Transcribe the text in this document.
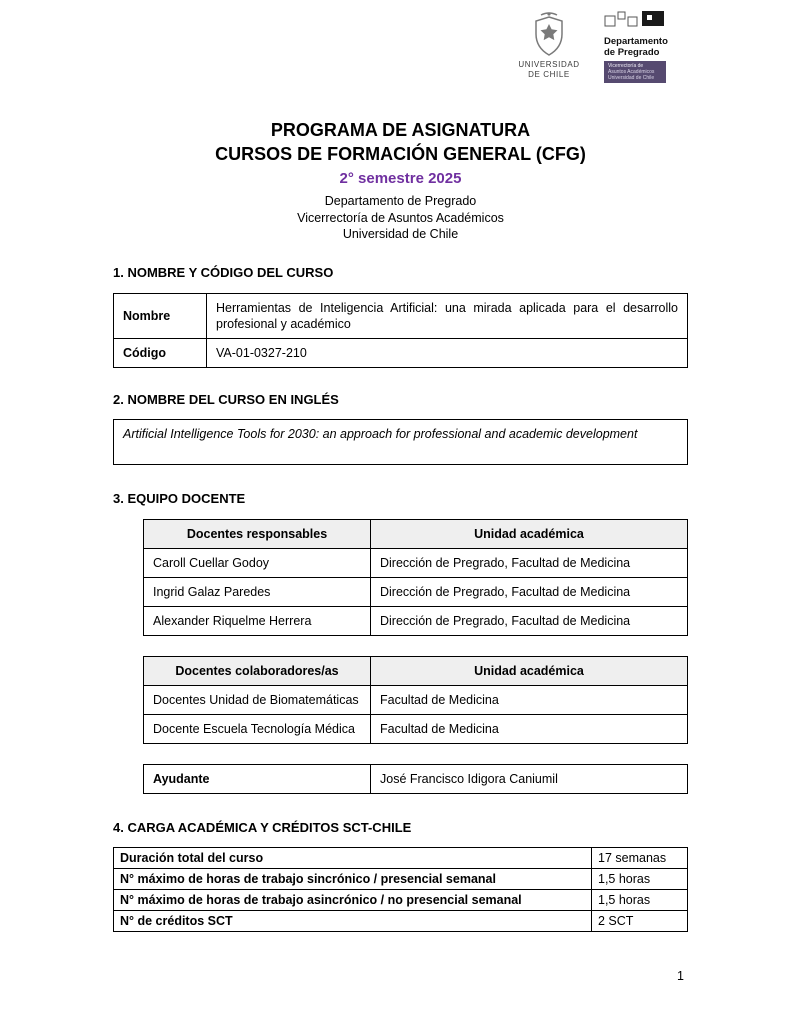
UNIVERSIDAD
DE CHILE
Departamento
de Pregrado
Vicerrectoría de
Asuntos Académicos
Universidad de Chile
PROGRAMA DE ASIGNATURA
CURSOS DE FORMACIÓN GENERAL (CFG)
2° semestre 2025
Departamento de Pregrado
Vicerrectoría de Asuntos Académicos
Universidad de Chile
1. NOMBRE Y CÓDIGO DEL CURSO
Nombre	Herramientas de Inteligencia Artificial: una mirada aplicada para el desarrollo profesional y académico
Código	VA-01-0327-210
2. NOMBRE DEL CURSO EN INGLÉS
Artificial Intelligence Tools for 2030: an approach for professional and academic development
3. EQUIPO DOCENTE
Docentes responsables	Unidad académica
Caroll Cuellar Godoy	Dirección de Pregrado, Facultad de Medicina
Ingrid Galaz Paredes	Dirección de Pregrado, Facultad de Medicina
Alexander Riquelme Herrera	Dirección de Pregrado, Facultad de Medicina
Docentes colaboradores/as	Unidad académica
Docentes Unidad de Biomatemáticas	Facultad de Medicina
Docente Escuela Tecnología Médica	Facultad de Medicina
Ayudante	José Francisco Idigora Caniumil
4. CARGA ACADÉMICA Y CRÉDITOS SCT-CHILE
Duración total del curso	17 semanas
N° máximo de horas de trabajo sincrónico / presencial semanal	1,5 horas
N° máximo de horas de trabajo asincrónico / no presencial semanal	1,5 horas
N° de créditos SCT	2 SCT
1
